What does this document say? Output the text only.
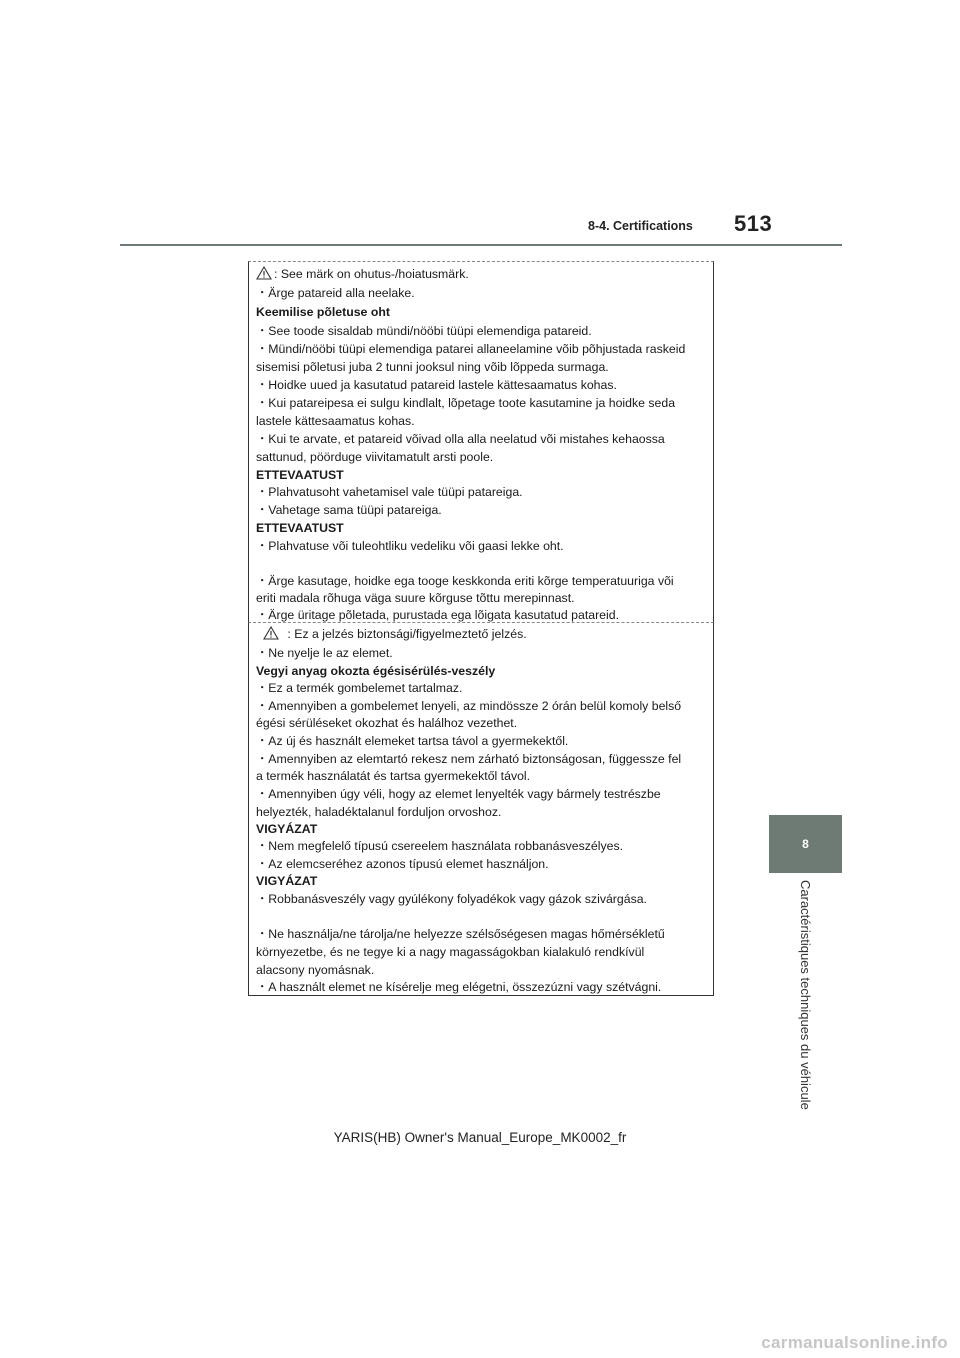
8-4. Certifications 513
8
Caractéristiques techniques du véhicule
: See märk on ohutus-/hoiatusmärk.
・Ärge patareid alla neelake.
Keemilise põletuse oht
・See toode sisaldab mündi/nööbi tüüpi elemendiga patareid.
・Mündi/nööbi tüüpi elemendiga patarei allaneelamine võib põhjustada raskeid
sisemisi põletusi juba 2 tunni jooksul ning võib lõppeda surmaga.
・Hoidke uued ja kasutatud patareid lastele kättesaamatus kohas.
・Kui patareipesa ei sulgu kindlalt, lõpetage toote kasutamine ja hoidke seda
lastele kättesaamatus kohas.
・Kui te arvate, et patareid võivad olla alla neelatud või mistahes kehaossa
sattunud, pöörduge viivitamatult arsti poole.
ETTEVAATUST
・Plahvatusoht vahetamisel vale tüüpi patareiga.
・Vahetage sama tüüpi patareiga.
ETTEVAATUST
・Plahvatuse või tuleohtliku vedeliku või gaasi lekke oht.
・Ärge kasutage, hoidke ega tooge keskkonda eriti kõrge temperatuuriga või
eriti madala rõhuga väga suure kõrguse tõttu merepinnast.
・Ärge üritage põletada, purustada ega lõigata kasutatud patareid.
: Ez a jelzés biztonsági/figyelmeztető jelzés.
・Ne nyelje le az elemet.
Vegyi anyag okozta égésisérülés-veszély
・Ez a termék gombelemet tartalmaz.
・Amennyiben a gombelemet lenyeli, az mindössze 2 órán belül komoly belső
égési sérüléseket okozhat és halálhoz vezethet.
・Az új és használt elemeket tartsa távol a gyermekektől.
・Amennyiben az elemtartó rekesz nem zárható biztonságosan, függessze fel
a termék használatát és tartsa gyermekektől távol.
・Amennyiben úgy véli, hogy az elemet lenyelték vagy bármely testrészbe
helyezték, haladéktalanul forduljon orvoshoz.
VIGYÁZAT
・Nem megfelelő típusú csereelem használata robbanásveszélyes.
・Az elemcseréhez azonos típusú elemet használjon.
VIGYÁZAT
・Robbanásveszély vagy gyúlékony folyadékok vagy gázok szivárgása.
・Ne használja/ne tárolja/ne helyezze szélsőségesen magas hőmérsékletű
környezetbe, és ne tegye ki a nagy magasságokban kialakuló rendkívül
alacsony nyomásnak.
・A használt elemet ne kísérelje meg elégetni, összezúzni vagy szétvágni.
YARIS(HB) Owner's Manual_Europe_MK0002_fr
carmanualsonline.info
